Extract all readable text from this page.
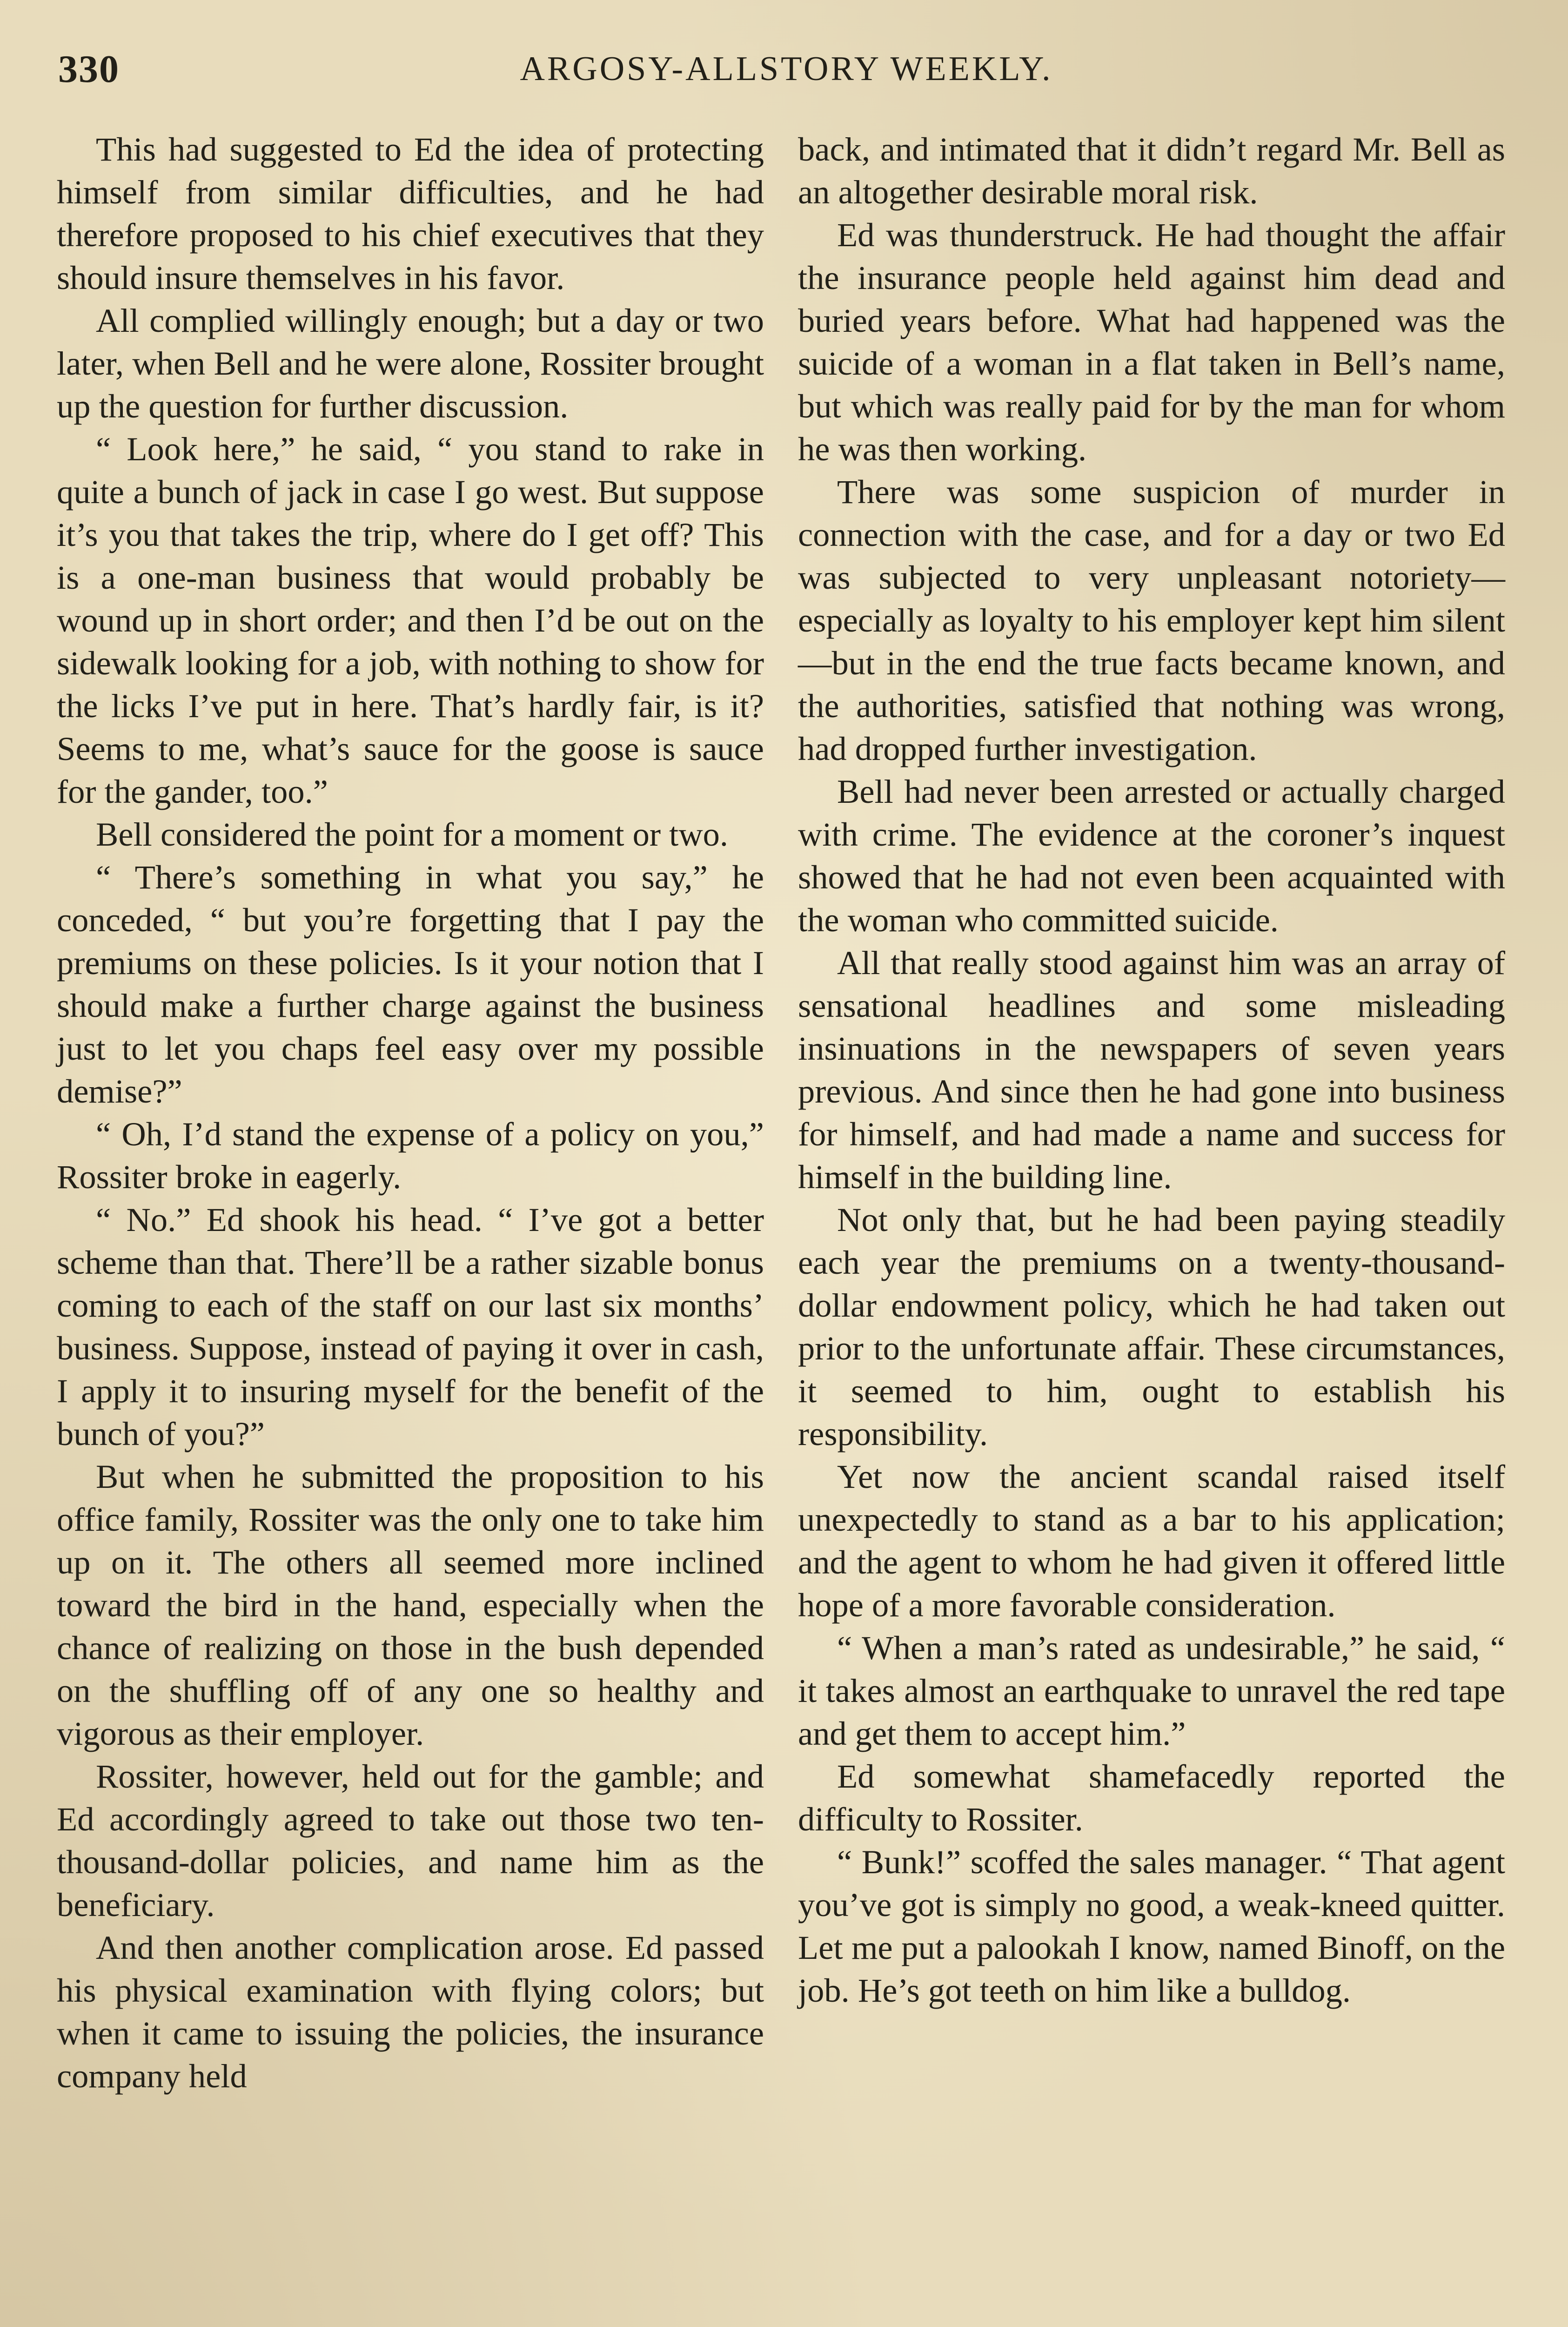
330	ARGOSY-ALLSTORY WEEKLY.

This had suggested to Ed the idea of protecting himself from similar difficulties, and he had therefore proposed to his chief executives that they should insure themselves in his favor.

All complied willingly enough; but a day or two later, when Bell and he were alone, Rossiter brought up the question for further discussion.

“ Look here,” he said, “ you stand to rake in quite a bunch of jack in case I go west. But suppose it’s you that takes the trip, where do I get off? This is a one-man business that would probably be wound up in short order; and then I’d be out on the sidewalk looking for a job, with nothing to show for the licks I’ve put in here. That’s hardly fair, is it? Seems to me, what’s sauce for the goose is sauce for the gander, too.”

Bell considered the point for a moment or two.

“ There’s something in what you say,” he conceded, “ but you’re forgetting that I pay the premiums on these policies. Is it your notion that I should make a further charge against the business just to let you chaps feel easy over my possible demise?”

“ Oh, I’d stand the expense of a policy on you,” Rossiter broke in eagerly.

“ No.” Ed shook his head. “ I’ve got a better scheme than that. There’ll be a rather sizable bonus coming to each of the staff on our last six months’ business. Suppose, instead of paying it over in cash, I apply it to insuring myself for the benefit of the bunch of you?”

But when he submitted the proposition to his office family, Rossiter was the only one to take him up on it. The others all seemed more inclined toward the bird in the hand, especially when the chance of realizing on those in the bush depended on the shuffling off of any one so healthy and vigorous as their employer.

Rossiter, however, held out for the gamble; and Ed accordingly agreed to take out those two ten-thousand-dollar policies, and name him as the beneficiary.

And then another complication arose. Ed passed his physical examination with flying colors; but when it came to issuing the policies, the insurance company held

back, and intimated that it didn’t regard Mr. Bell as an altogether desirable moral risk.

Ed was thunderstruck. He had thought the affair the insurance people held against him dead and buried years before. What had happened was the suicide of a woman in a flat taken in Bell’s name, but which was really paid for by the man for whom he was then working.

There was some suspicion of murder in connection with the case, and for a day or two Ed was subjected to very unpleasant notoriety—especially as loyalty to his employer kept him silent—but in the end the true facts became known, and the authorities, satisfied that nothing was wrong, had dropped further investigation.

Bell had never been arrested or actually charged with crime. The evidence at the coroner’s inquest showed that he had not even been acquainted with the woman who committed suicide.

All that really stood against him was an array of sensational headlines and some misleading insinuations in the newspapers of seven years previous. And since then he had gone into business for himself, and had made a name and success for himself in the building line.

Not only that, but he had been paying steadily each year the premiums on a twenty-thousand-dollar endowment policy, which he had taken out prior to the unfortunate affair. These circumstances, it seemed to him, ought to establish his responsibility.

Yet now the ancient scandal raised itself unexpectedly to stand as a bar to his application; and the agent to whom he had given it offered little hope of a more favorable consideration.

“ When a man’s rated as undesirable,” he said, “ it takes almost an earthquake to unravel the red tape and get them to accept him.”

Ed somewhat shamefacedly reported the difficulty to Rossiter.

“ Bunk!” scoffed the sales manager. “ That agent you’ve got is simply no good, a weak-kneed quitter. Let me put a palookah I know, named Binoff, on the job. He’s got teeth on him like a bulldog.
